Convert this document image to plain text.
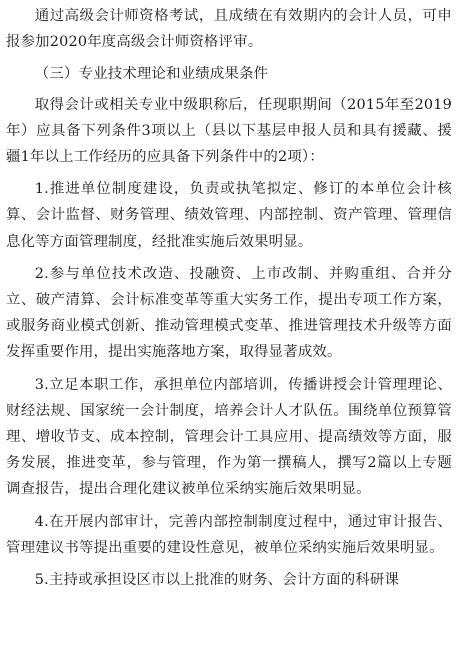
通过高级会计师资格考试，且成绩在有效期内的会计人员，可申报参加2020年度高级会计师资格评审。

（三）专业技术理论和业绩成果条件

取得会计或相关专业中级职称后，任现职期间（2015年至2019年）应具备下列条件3项以上（县以下基层申报人员和具有援藏、援疆1年以上工作经历的应具备下列条件中的2项）：

1.推进单位制度建设，负责或执笔拟定、修订的本单位会计核算、会计监督、财务管理、绩效管理、内部控制、资产管理、管理信息化等方面管理制度，经批准实施后效果明显。

2.参与单位技术改造、投融资、上市改制、并购重组、合并分立、破产清算、会计标准变革等重大实务工作，提出专项工作方案，或服务商业模式创新、推动管理模式变革、推进管理技术升级等方面发挥重要作用，提出实施落地方案，取得显著成效。

3.立足本职工作，承担单位内部培训，传播讲授会计管理理论、财经法规、国家统一会计制度，培养会计人才队伍。围绕单位预算管理、增收节支、成本控制，管理会计工具应用、提高绩效等方面，服务发展，推进变革，参与管理，作为第一撰稿人，撰写2篇以上专题调查报告，提出合理化建议被单位采纳实施后效果明显。

4.在开展内部审计，完善内部控制制度过程中，通过审计报告、管理建议书等提出重要的建设性意见，被单位采纳实施后效果明显。

5.主持或承担设区市以上批准的财务、会计方面的科研课
